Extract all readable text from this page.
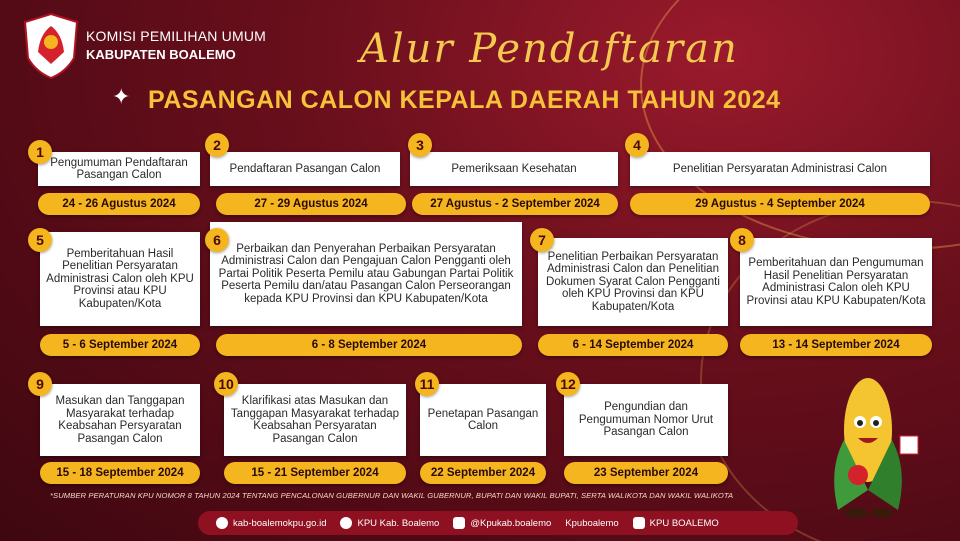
KOMISI PEMILIHAN UMUM
KABUPATEN BOALEMO	Alur Pendaftaran
✦ PASANGAN CALON KEPALA DAERAH TAHUN 2024
Pengumuman Pendaftaran Pasangan Calon
24 - 26 Agustus 2024
1
Pendaftaran Pasangan Calon
27 - 29 Agustus 2024
2
Pemeriksaan Kesehatan
27 Agustus - 2 September 2024
3
Penelitian Persyaratan Administrasi Calon
29 Agustus - 4 September 2024
4
Pemberitahuan Hasil Penelitian Persyaratan Administrasi Calon oleh KPU Provinsi atau KPU Kabupaten/Kota
5 - 6 September 2024
5
Perbaikan dan Penyerahan Perbaikan Persyaratan Administrasi Calon dan Pengajuan Calon Pengganti oleh Partai Politik Peserta Pemilu atau Gabungan Partai Politik Peserta Pemilu dan/atau Pasangan Calon Perseorangan kepada KPU Provinsi dan KPU Kabupaten/Kota
6 - 8 September 2024
6
Penelitian Perbaikan Persyaratan Administrasi Calon dan Penelitian Dokumen Syarat Calon Pengganti oleh KPU Provinsi dan KPU Kabupaten/Kota
6 - 14 September 2024
7
Pemberitahuan dan Pengumuman Hasil Penelitian Persyaratan Administrasi Calon oleh KPU Provinsi atau KPU Kabupaten/Kota
13 - 14 September 2024
8
Masukan dan Tanggapan Masyarakat terhadap Keabsahan Persyaratan Pasangan Calon
15 - 18 September 2024
9
Klarifikasi atas Masukan dan Tanggapan Masyarakat terhadap Keabsahan Persyaratan Pasangan Calon
15 - 21 September 2024
10
Penetapan Pasangan Calon
22 September 2024
11
Pengundian dan Pengumuman Nomor Urut Pasangan Calon
23 September 2024
12
*SUMBER PERATURAN KPU NOMOR 8 TAHUN 2024 TENTANG PENCALONAN GUBERNUR DAN WAKIL GUBERNUR, BUPATI DAN WAKIL BUPATI, SERTA WALIKOTA DAN WAKIL WALIKOTA
kab-boalemokpu.go.id	KPU Kab. Boalemo	@Kpukab.boalemo Kpuboalemo	KPU BOALEMO
